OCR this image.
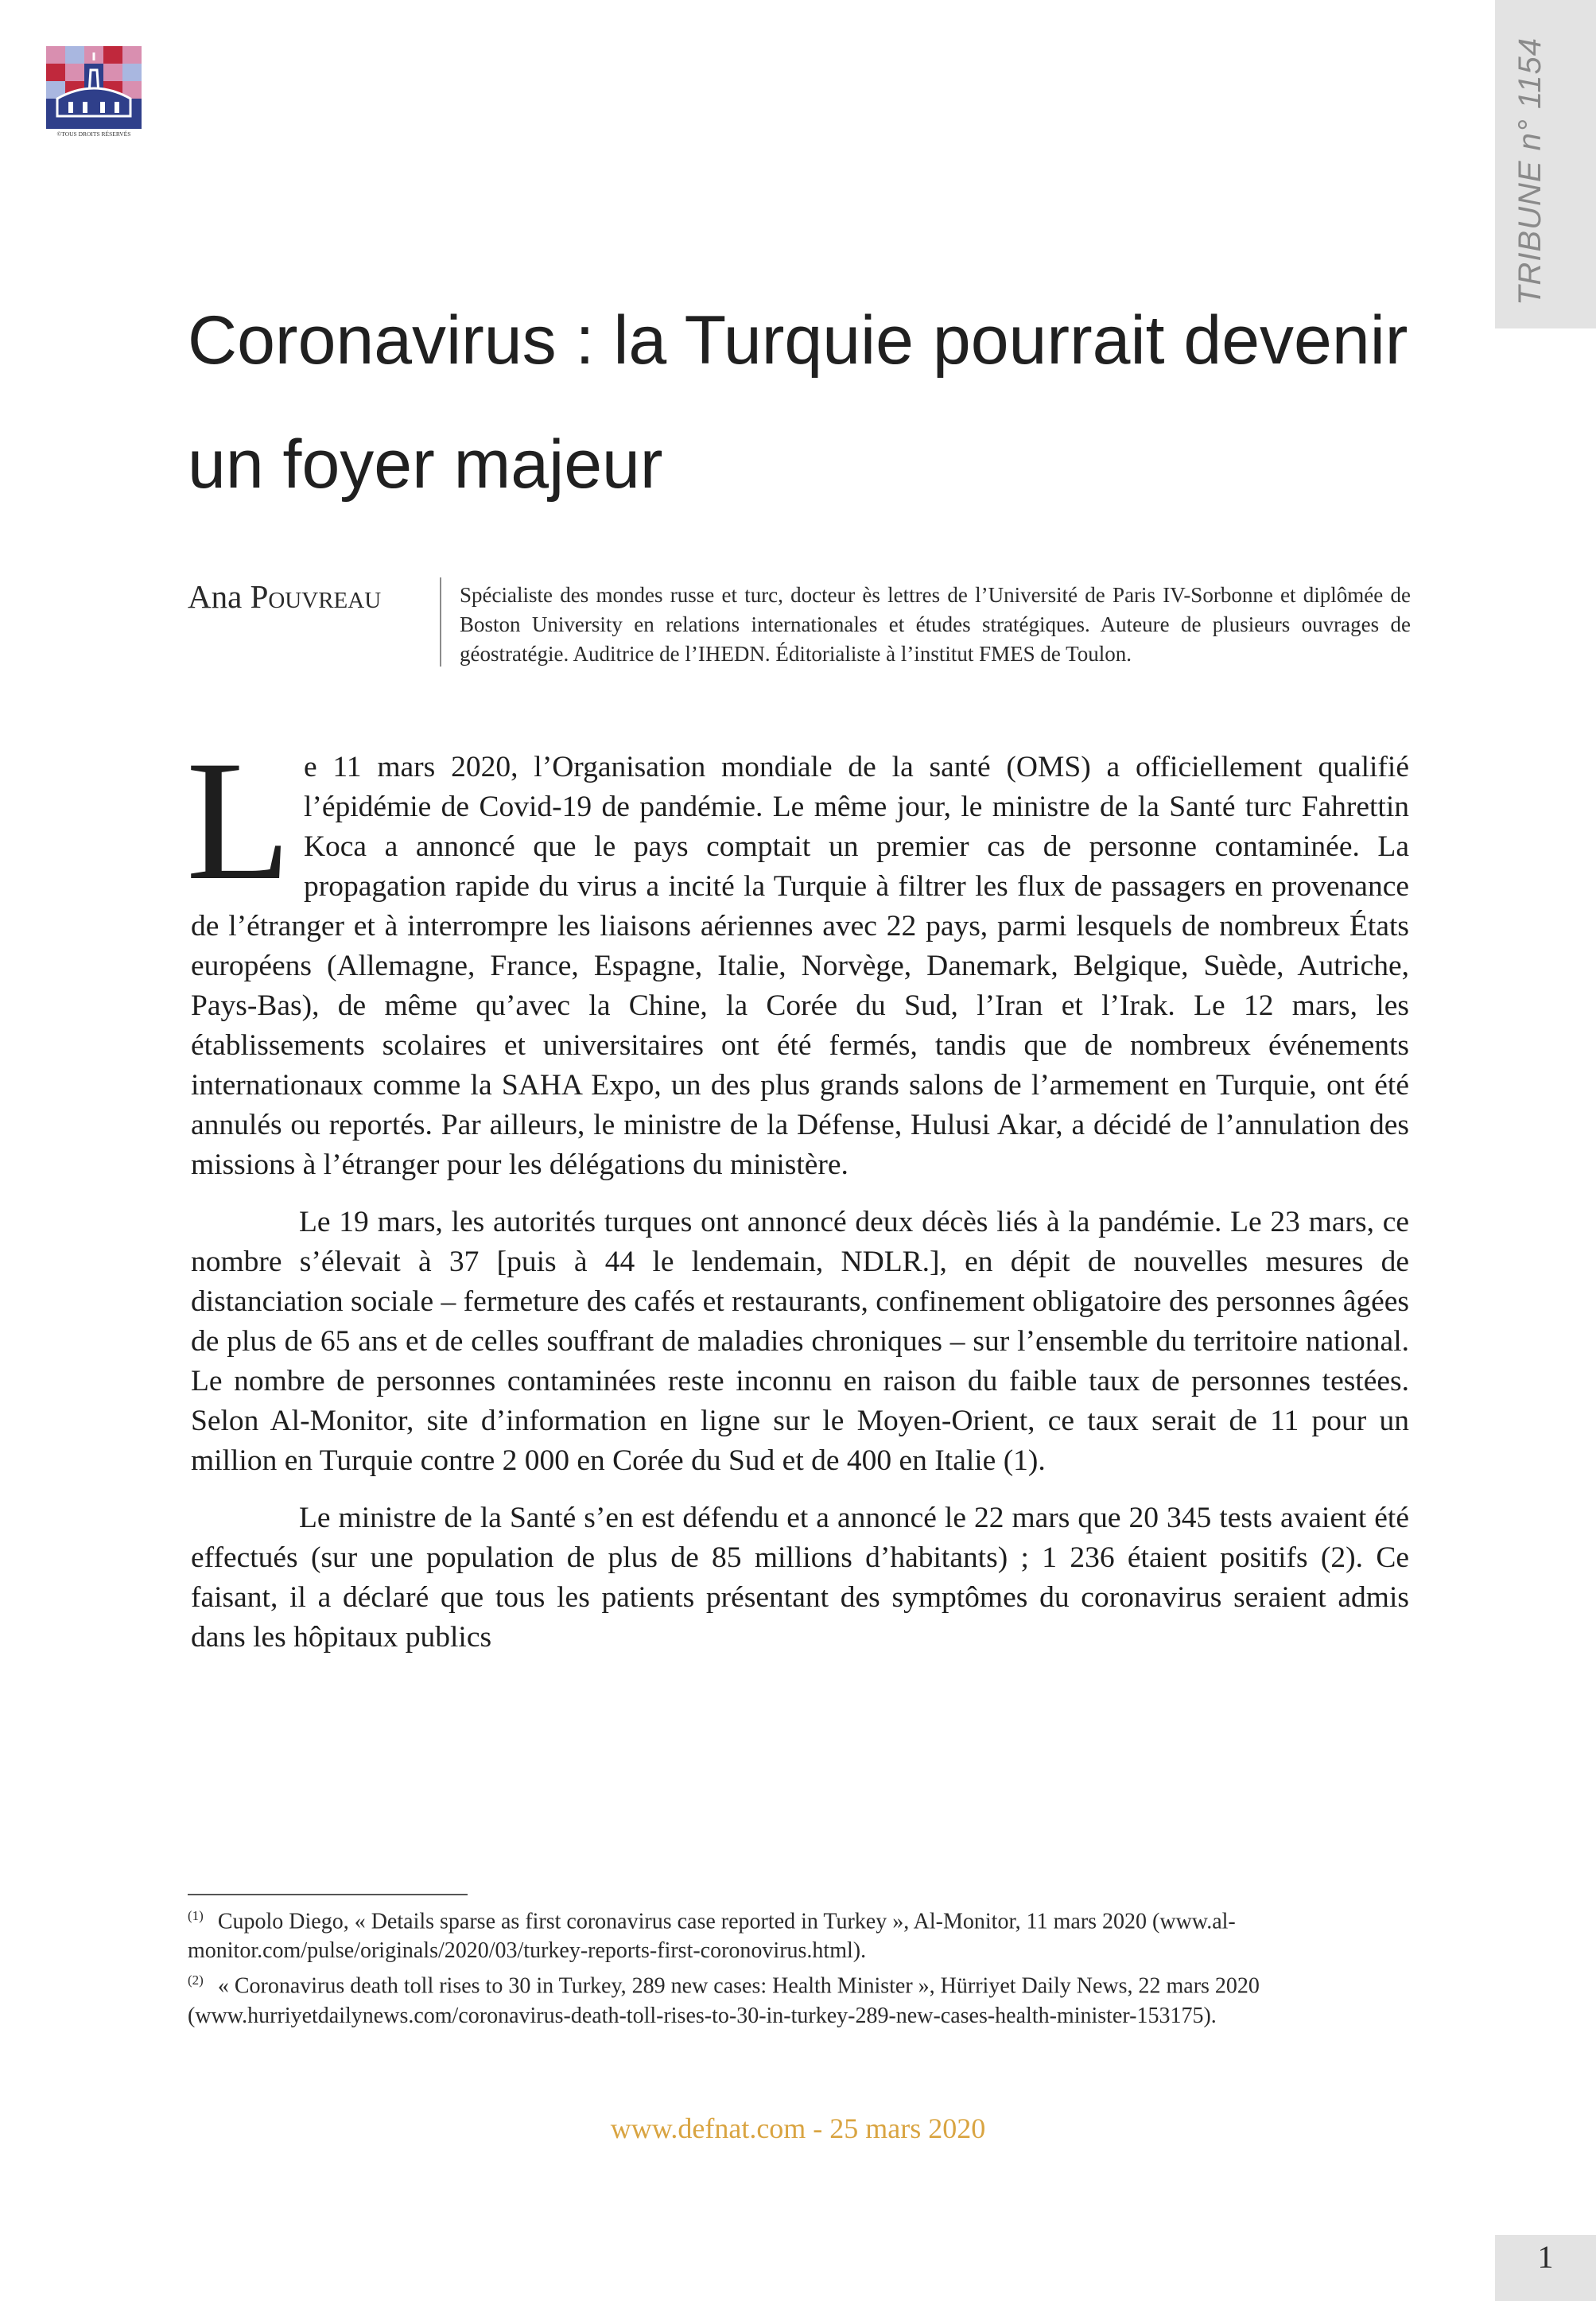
©TOUS DROITS RÉSERVÉS	TRIBUNE n° 1154
Coronavirus : la Turquie pourrait devenir un foyer majeur
Ana Pouvreau	Spécialiste des mondes russe et turc, docteur ès lettres de l’Université de Paris IV-Sorbonne et diplômée de Boston University en relations internationales et études stratégiques. Auteure de plusieurs ouvrages de géostratégie. Auditrice de l’IHEDN. Éditorialiste à l’institut FMES de Toulon.

Le 11 mars 2020, l’Organisation mondiale de la santé (OMS) a officiellement qualifié l’épidémie de Covid-19 de pandémie. Le même jour, le ministre de la Santé turc Fahrettin Koca a annoncé que le pays comptait un premier cas de personne contaminée. La propagation rapide du virus a incité la Turquie à filtrer les flux de passagers en provenance de l’étranger et à interrompre les liaisons aériennes avec 22 pays, parmi lesquels de nombreux États européens (Allemagne, France, Espagne, Italie, Norvège, Danemark, Belgique, Suède, Autriche, Pays-Bas), de même qu’avec la Chine, la Corée du Sud, l’Iran et l’Irak. Le 12 mars, les établissements scolaires et universitaires ont été fermés, tandis que de nombreux événements internationaux comme la SAHA Expo, un des plus grands salons de l’armement en Turquie, ont été annulés ou reportés. Par ailleurs, le ministre de la Défense, Hulusi Akar, a décidé de l’annulation des missions à l’étranger pour les délégations du ministère.

Le 19 mars, les autorités turques ont annoncé deux décès liés à la pandémie. Le 23 mars, ce nombre s’élevait à 37 [puis à 44 le lendemain, NDLR.], en dépit de nouvelles mesures de distanciation sociale – fermeture des cafés et restaurants, confinement obligatoire des personnes âgées de plus de 65 ans et de celles souffrant de maladies chroniques – sur l’ensemble du territoire national. Le nombre de personnes contaminées reste inconnu en raison du faible taux de personnes testées. Selon Al-Monitor, site d’information en ligne sur le Moyen-Orient, ce taux serait de 11 pour un million en Turquie contre 2 000 en Corée du Sud et de 400 en Italie (1).

Le ministre de la Santé s’en est défendu et a annoncé le 22 mars que 20 345 tests avaient été effectués (sur une population de plus de 85 millions d’habitants) ; 1 236 étaient positifs (2). Ce faisant, il a déclaré que tous les patients présentant des symptômes du coronavirus seraient admis dans les hôpitaux publics

$^{(1)}$ Cupolo Diego, « Details sparse as first coronavirus case reported in Turkey », Al-Monitor, 11 mars 2020 (www.al-monitor.com/pulse/originals/2020/03/turkey-reports-first-coronovirus.html).

$^{(2)}$ « Coronavirus death toll rises to 30 in Turkey, 289 new cases: Health Minister », Hürriyet Daily News, 22 mars 2020 (www.hurriyetdailynews.com/coronavirus-death-toll-rises-to-30-in-turkey-289-new-cases-health-minister-153175).

www.defnat.com - 25 mars 2020
1
